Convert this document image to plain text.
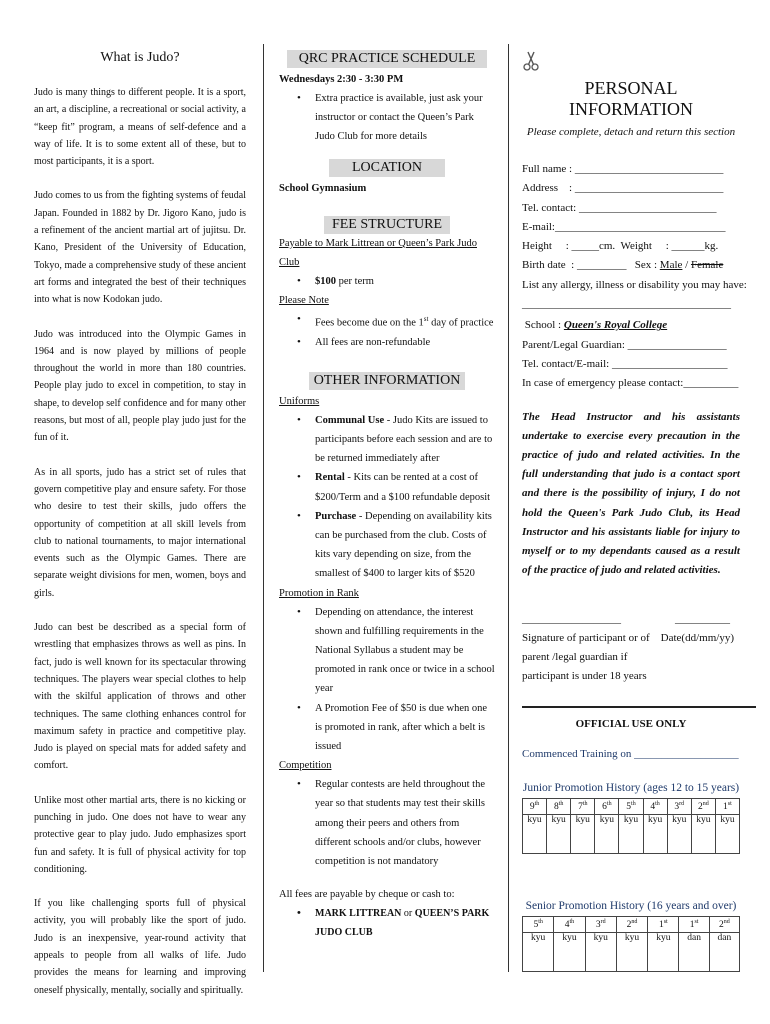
What is Judo?

Judo is many things to different people. It is a sport, an art, a discipline, a recreational or social activity, a “keep fit” program, a means of self-defence and a way of life. It is to some extent all of these, but to most participants, it is a sport.

Judo comes to us from the fighting systems of feudal Japan. Founded in 1882 by Dr. Jigoro Kano, judo is a refinement of the ancient martial art of jujitsu. Dr. Kano, President of the University of Education, Tokyo, made a comprehensive study of these ancient art forms and integrated the best of their techniques into what is now Kodokan judo.

Judo was introduced into the Olympic Games in 1964 and is now played by millions of people throughout the world in more than 180 countries. People play judo to excel in competition, to stay in shape, to develop self confidence and for many other reasons, but most of all, people play judo just for the fun of it.

As in all sports, judo has a strict set of rules that govern competitive play and ensure safety. For those who desire to test their skills, judo offers the opportunity of competition at all skill levels from club to national tournaments, to major international events such as the Olympic Games. There are separate weight divisions for men, women, boys and girls.

Judo can best be described as a special form of wrestling that emphasizes throws as well as pins. In fact, judo is well known for its spectacular throwing techniques. The players wear special clothes to help with the skilful application of throws and other techniques. The same clothing enhances control for maximum safety in practice and competitive play. Judo is played on special mats for added safety and comfort.

Unlike most other martial arts, there is no kicking or punching in judo. One does not have to wear any protective gear to play judo. Judo emphasizes sport fun and safety. It is full of physical activity for top conditioning.

If you like challenging sports full of physical activity, you will probably like the sport of judo. Judo is an inexpensive, year-round activity that appeals to people from all walks of life. Judo provides the means for learning and improving oneself physically, mentally, socially and spiritually.

QRC PRACTICE SCHEDULE
Wednesdays 2:30 - 3:30 PM
• Extra practice is available, just ask your instructor or contact the Queen’s Park Judo Club for more details
LOCATION
School Gymnasium
FEE STRUCTURE
Payable to Mark Littrean or Queen’s Park Judo Club
• $100 per term
Please Note
• Fees become due on the 1st day of practice
• All fees are non-refundable
OTHER INFORMATION
Uniforms
• Communal Use - Judo Kits are issued to participants before each session and are to be returned immediately after
• Rental - Kits can be rented at a cost of $200/Term and a $100 refundable deposit
• Purchase - Depending on availability kits can be purchased from the club. Costs of kits vary depending on size, from the smallest of $400 to larger kits of $520
Promotion in Rank
• Depending on attendance, the interest shown and fulfilling requirements in the National Syllabus a student may be promoted in rank once or twice in a school year
• A Promotion Fee of $50 is due when one is promoted in rank, after which a belt is issued
Competition
• Regular contests are held throughout the year so that students may test their skills among their peers and others from different schools and/or clubs, however competition is not mandatory
All fees are payable by cheque or cash to:
• MARK LITTREAN or QUEEN’S PARK JUDO CLUB
PERSONAL INFORMATION
Please complete, detach and return this section
Full name : ___________________________
Address    : ___________________________
Tel. contact: _________________________
E-mail:_______________________________
Height     : _____cm.  Weight     : ______kg.
Birth date  : _________   Sex : Male / Female
List any allergy, illness or disability you may have:
______________________________________
School : Queen's Royal College
Parent/Legal Guardian: __________________
Tel. contact/E-mail: _____________________
In case of emergency please contact:__________
The Head Instructor and his assistants undertake to exercise every precaution in the practice of judo and related activities. In the full understanding that judo is a contact sport and there is the possibility of injury, I do not hold the Queen's Park Judo Club, its Head Instructor and his assistants liable for injury to myself or to my dependants caused as a result of the practice of judo and related activities.
__________________	__________
Signature of participant or of parent /legal guardian if participant is under 18 years
Date(dd/mm/yy)
OFFICIAL USE ONLY
Commenced Training on ___________________
Junior Promotion History (ages 12 to 15 years)
9th	8th	7th	6th	5th	4th	3rd	2nd	1st
kyu	kyu	kyu	kyu	kyu	kyu	kyu	kyu	kyu
Senior Promotion History (16 years and over)
5th	4th	3rd	2nd	1st	1st	2nd
kyu	kyu	kyu	kyu	kyu	dan	dan
